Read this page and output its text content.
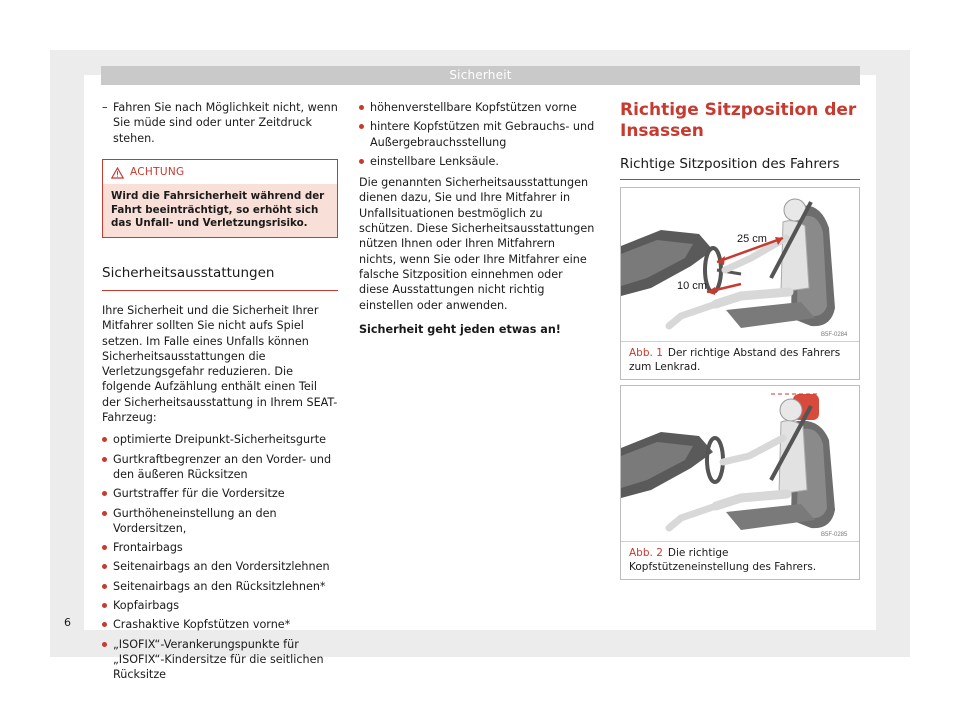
Sicherheit
– Fahren Sie nach Möglichkeit nicht, wenn Sie müde sind oder unter Zeitdruck stehen.
ACHTUNG
Wird die Fahrsicherheit während der Fahrt beeinträchtigt, so erhöht sich das Unfall- und Verletzungsrisiko.
Sicherheitsausstattungen
Ihre Sicherheit und die Sicherheit Ihrer Mitfahrer sollten Sie nicht aufs Spiel setzen. Im Falle eines Unfalls können Sicherheitsausstattungen die Verletzungsgefahr reduzieren. Die folgende Aufzählung enthält einen Teil der Sicherheitsausstattung in Ihrem SEAT-Fahrzeug:
optimierte Dreipunkt-Sicherheitsgurte
Gurtkraftbegrenzer an den Vorder- und den äußeren Rücksitzen
Gurtstraffer für die Vordersitze
Gurthöheneinstellung an den Vordersitzen,
Frontairbags
Seitenairbags an den Vordersitzlehnen
Seitenairbags an den Rücksitzlehnen*
Kopfairbags
Crashaktive Kopfstützen vorne*
„ISOFIX“-Verankerungspunkte für „ISOFIX“-Kindersitze für die seitlichen Rücksitze
höhenverstellbare Kopfstützen vorne
hintere Kopfstützen mit Gebrauchs- und Außergebrauchsstellung
einstellbare Lenksäule.
Die genannten Sicherheitsausstattungen dienen dazu, Sie und Ihre Mitfahrer in Unfallsituationen bestmöglich zu schützen. Diese Sicherheitsausstattungen nützen Ihnen oder Ihren Mitfahrern nichts, wenn Sie oder Ihre Mitfahrer eine falsche Sitzposition einnehmen oder diese Ausstattungen nicht richtig einstellen oder anwenden.
Sicherheit geht jeden etwas an!
Richtige Sitzposition der Insassen
Richtige Sitzposition des Fahrers
25 cm
10 cm
B5F-0284
Abb. 1 Der richtige Abstand des Fahrers zum Lenkrad.
B5F-0285
Abb. 2 Die richtige Kopfstützeneinstellung des Fahrers.
6
